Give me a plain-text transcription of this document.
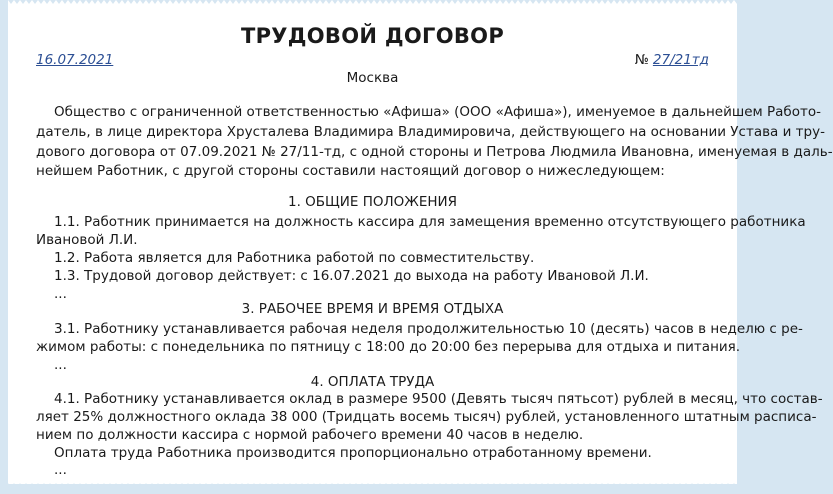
ТРУДОВОЙ ДОГОВОР
16.07.2021	№ 27/21тд
Москва
Общество с ограниченной ответственностью «Афиша» (ООО «Афиша»), именуемое в дальнейшем Работо-
датель, в лице директора Хрусталева Владимира Владимировича, действующего на основании Устава и тру-
дового договора от 07.09.2021 № 27/11-тд, с одной стороны и Петрова Людмила Ивановна, именуемая в даль-
нейшем Работник, с другой стороны составили настоящий договор о нижеследующем:
1. ОБЩИЕ ПОЛОЖЕНИЯ
1.1. Работник принимается на должность кассира для замещения временно отсутствующего работника
Ивановой Л.И.
1.2. Работа является для Работника работой по совместительству.
1.3. Трудовой договор действует: с 16.07.2021 до выхода на работу Ивановой Л.И.
...
3. РАБОЧЕЕ ВРЕМЯ И ВРЕМЯ ОТДЫХА
3.1. Работнику устанавливается рабочая неделя продолжительностью 10 (десять) часов в неделю с ре-
жимом работы: с понедельника по пятницу с 18:00 до 20:00 без перерыва для отдыха и питания.
...
4. ОПЛАТА ТРУДА
4.1. Работнику устанавливается оклад в размере 9500 (Девять тысяч пятьсот) рублей в месяц, что состав-
ляет 25% должностного оклада 38 000 (Тридцать восемь тысяч) рублей, установленного штатным расписа-
нием по должности кассира с нормой рабочего времени 40 часов в неделю.
Оплата труда Работника производится пропорционально отработанному времени.
...
